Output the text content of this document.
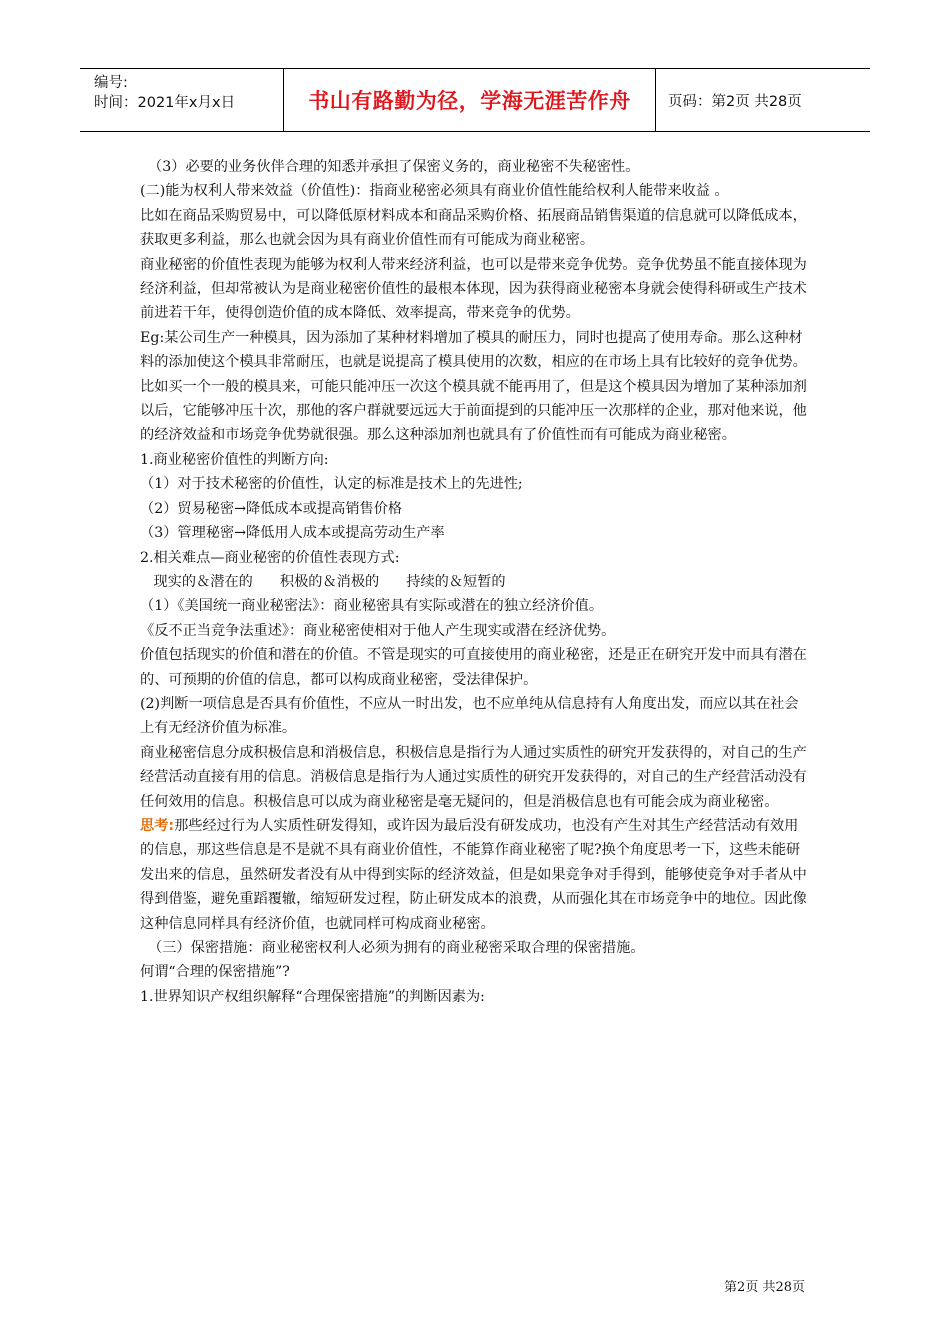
编号:
时间：2021年x月x日	书山有路勤为径，学海无涯苦作舟	页码：第2页 共28页

（3）必要的业务伙伴合理的知悉并承担了保密义务的，商业秘密不失秘密性。

(二)能为权利人带来效益（价值性)：指商业秘密必须具有商业价值性能给权利人能带来收益 。

比如在商品采购贸易中，可以降低原材料成本和商品采购价格、拓展商品销售渠道的信息就可以降低成本，获取更多利益，那么也就会因为具有商业价值性而有可能成为商业秘密。

商业秘密的价值性表现为能够为权利人带来经济利益，也可以是带来竞争优势。竞争优势虽不能直接体现为经济利益，但却常被认为是商业秘密价值性的最根本体现，因为获得商业秘密本身就会使得科研或生产技术前进若干年，使得创造价值的成本降低、效率提高，带来竞争的优势。

Eg:某公司生产一种模具，因为添加了某种材料增加了模具的耐压力，同时也提高了使用寿命。那么这种材料的添加使这个模具非常耐压，也就是说提高了模具使用的次数，相应的在市场上具有比较好的竞争优势。比如买一个一般的模具来，可能只能冲压一次这个模具就不能再用了，但是这个模具因为增加了某种添加剂以后，它能够冲压十次，那他的客户群就要远远大于前面提到的只能冲压一次那样的企业，那对他来说，他的经济效益和市场竞争优势就很强。那么这种添加剂也就具有了价值性而有可能成为商业秘密。

1.商业秘密价值性的判断方向:

（1）对于技术秘密的价值性，认定的标准是技术上的先进性;

（2）贸易秘密→降低成本或提高销售价格

（3）管理秘密→降低用人成本或提高劳动生产率

2.相关难点—商业秘密的价值性表现方式:

现实的＆潜在的      积极的＆消极的      持续的＆短暂的

（1）《美国统一商业秘密法》：商业秘密具有实际或潜在的独立经济价值。

《反不正当竞争法重述》：商业秘密使相对于他人产生现实或潜在经济优势。

价值包括现实的价值和潜在的价值。不管是现实的可直接使用的商业秘密，还是正在研究开发中而具有潜在的、可预期的价值的信息，都可以构成商业秘密，受法律保护。

(2)判断一项信息是否具有价值性，不应从一时出发，也不应单纯从信息持有人角度出发，而应以其在社会上有无经济价值为标准。

商业秘密信息分成积极信息和消极信息，积极信息是指行为人通过实质性的研究开发获得的，对自己的生产经营活动直接有用的信息。消极信息是指行为人通过实质性的研究开发获得的，对自己的生产经营活动没有任何效用的信息。积极信息可以成为商业秘密是毫无疑问的，但是消极信息也有可能会成为商业秘密。

思考:那些经过行为人实质性研发得知，或许因为最后没有研发成功，也没有产生对其生产经营活动有效用的信息，那这些信息是不是就不具有商业价值性，不能算作商业秘密了呢?换个角度思考一下，这些未能研发出来的信息，虽然研发者没有从中得到实际的经济效益，但是如果竞争对手得到，能够使竞争对手者从中得到借鉴，避免重蹈覆辙，缩短研发过程，防止研发成本的浪费，从而强化其在市场竞争中的地位。因此像这种信息同样具有经济价值，也就同样可构成商业秘密。

（三）保密措施：商业秘密权利人必须为拥有的商业秘密采取合理的保密措施。

何谓“合理的保密措施”?

1.世界知识产权组织解释“合理保密措施”的判断因素为:

第2页 共28页
